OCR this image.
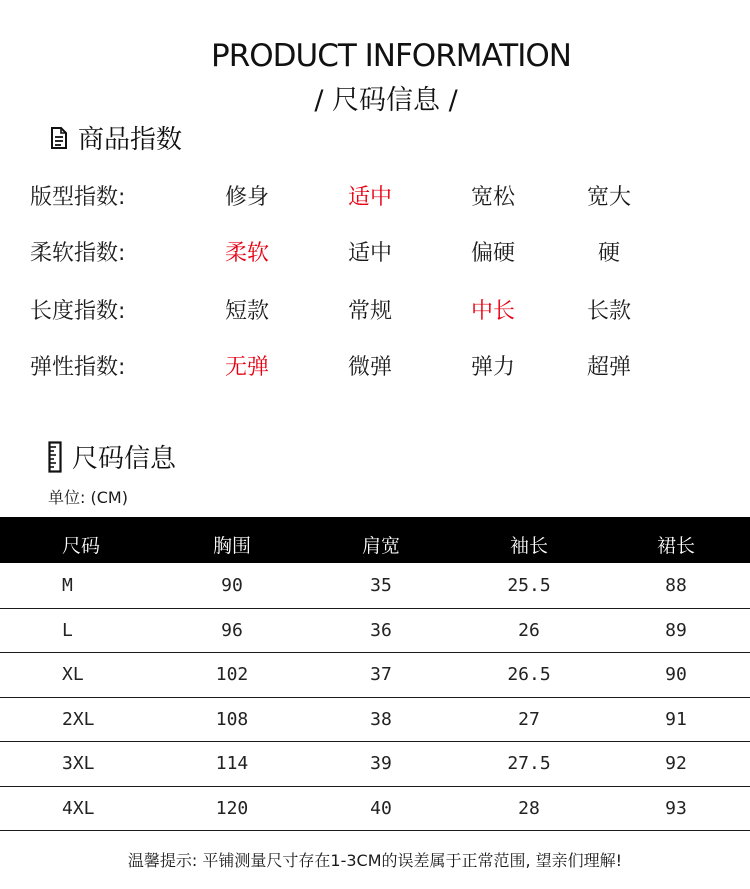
PRODUCT INFORMATION
/ 尺码信息 /
商品指数
版型指数:	修身	适中	宽松	宽大
柔软指数:	柔软	适中	偏硬	硬
长度指数:	短款	常规	中长	长款
弹性指数:	无弹	微弹	弹力	超弹
尺码信息
单位: (CM)
尺码	胸围	肩宽	袖长	裙长
M	90	35	25.5	88
L	96	36	26	89
XL	102	37	26.5	90
2XL	108	38	27	91
3XL	114	39	27.5	92
4XL	120	40	28	93
温馨提示: 平铺测量尺寸存在1-3CM的误差属于正常范围, 望亲们理解!
